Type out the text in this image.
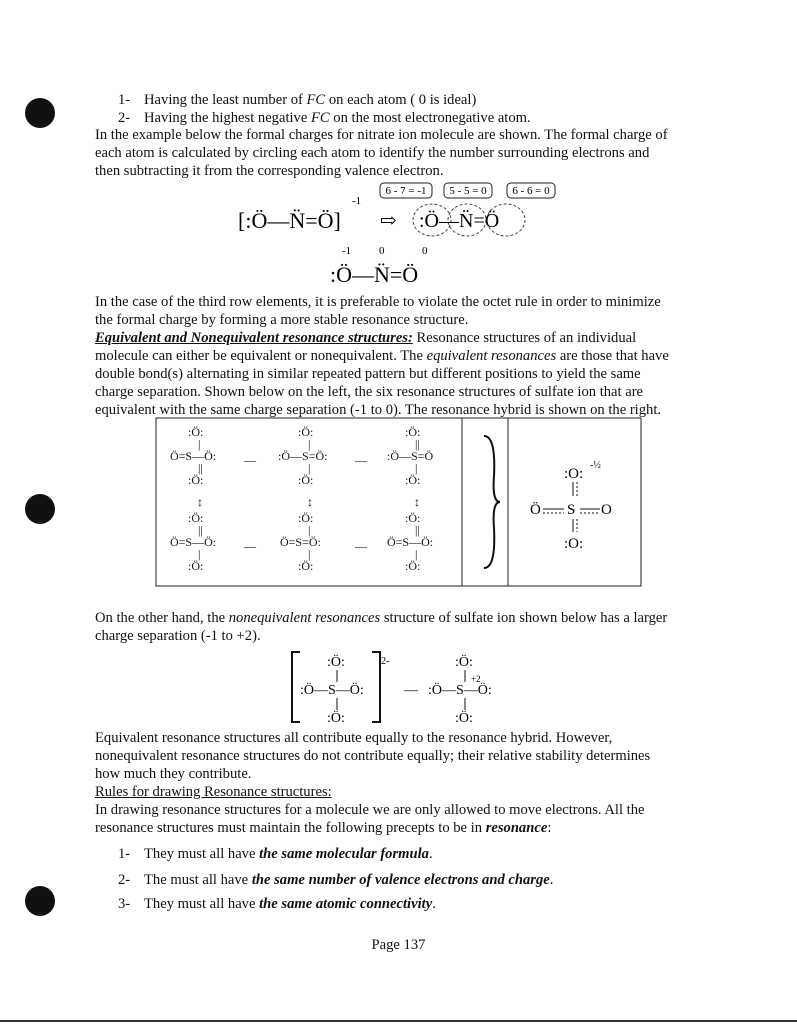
1- Having the least number of FC on each atom ( 0 is ideal)
2- Having the highest negative FC on the most electronegative atom.
In the example below the formal charges for nitrate ion molecule are shown. The formal charge of
each atom is calculated by circling each atom to identify the number surrounding electrons and
then subtracting it from the corresponding valence electron.
6 - 7 = -1 5 - 5 = 0 6 - 6 = 0
[:Ö—N̈=Ö]
-1
⇨ :Ö—N̈=Ö
-1	0	0
:Ö—N̈=Ö
In the case of the third row elements, it is preferable to violate the octet rule in order to minimize
the formal charge by forming a more stable resonance structure.
Equivalent and Nonequivalent resonance structures: Resonance structures of an individual
molecule can either be equivalent or nonequivalent. The equivalent resonances are those that have
double bond(s) alternating in similar repeated pattern but different positions to yield the same
charge separation. Shown below on the left, the six resonance structures of sulfate ion that are
equivalent with the same charge separation (-1 to 0). The resonance hybrid is shown on the right.
:Ö:
|
Ö=S—Ö:
||
:Ö:
—
:Ö:
|
:Ö—S=Ö:
|
:Ö:
—
:Ö:
||
:Ö—S=Ö
|
:Ö:
↕	↕	↕
:Ö:
||
Ö=S—Ö:
|
:Ö:
—
:Ö:
|
Ö=S=Ö:
|
:Ö:
—
:Ö:
||
Ö=S—Ö:
|
:Ö:
:O:
-½
Ö S O
:O:
On the other hand, the nonequivalent resonances structure of sulfate ion shown below has a larger
charge separation (-1 to +2).
2-
:Ö:
:Ö—S—Ö:
:Ö:
—
:Ö:
:Ö—S—Ö:
:Ö:
+2
Equivalent resonance structures all contribute equally to the resonance hybrid. However,
nonequivalent resonance structures do not contribute equally; their relative stability determines
how much they contribute.
Rules for drawing Resonance structures:
In drawing resonance structures for a molecule we are only allowed to move electrons. All the
resonance structures must maintain the following precepts to be in resonance:
1- They must all have the same molecular formula.
2- The must all have the same number of valence electrons and charge.
3- They must all have the same atomic connectivity.
Page 137
